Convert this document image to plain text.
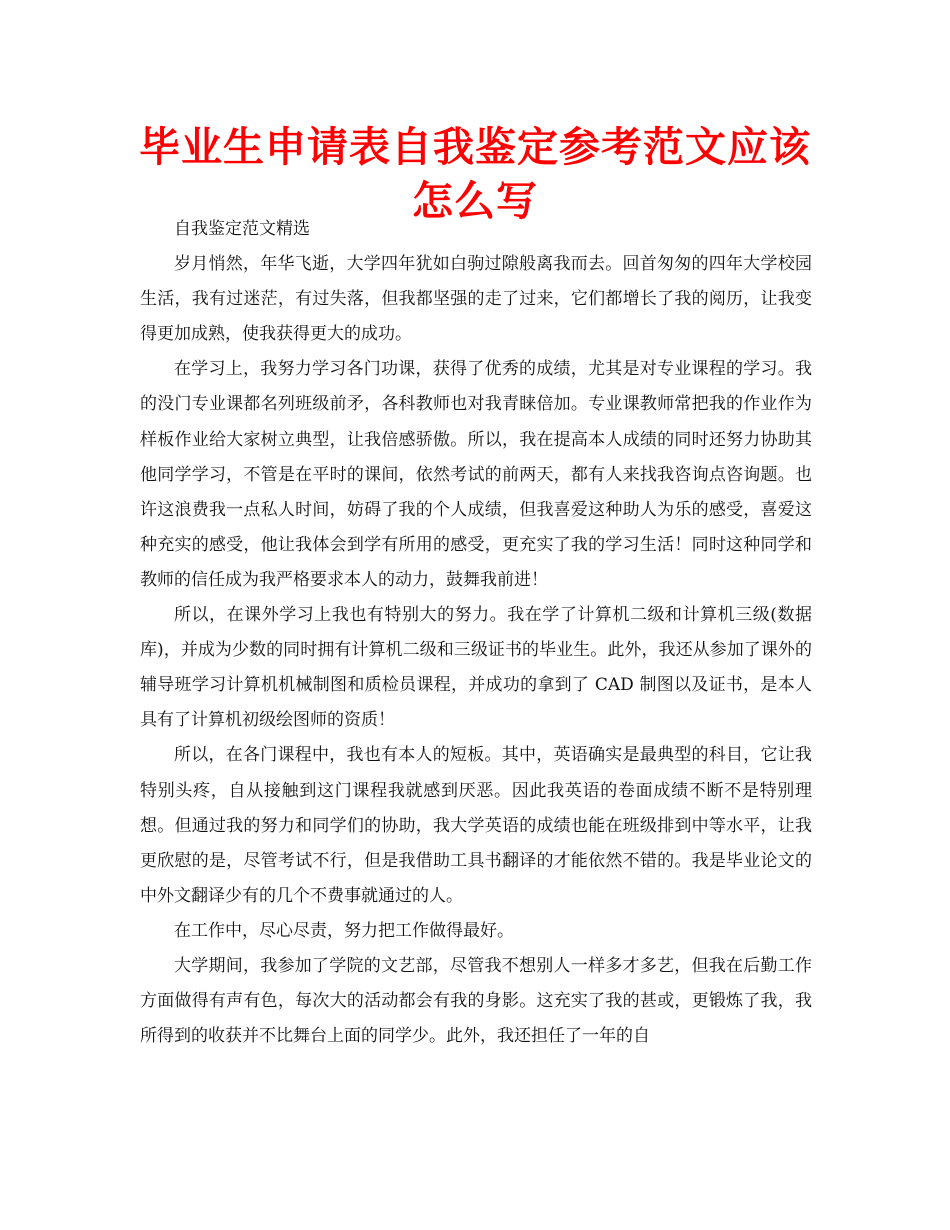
毕业生申请表自我鉴定参考范文应该怎么写

自我鉴定范文精选

岁月悄然，年华飞逝，大学四年犹如白驹过隙般离我而去。回首匆匆的四年大学校园生活，我有过迷茫，有过失落，但我都坚强的走了过来，它们都增长了我的阅历，让我变得更加成熟，使我获得更大的成功。

在学习上，我努力学习各门功课，获得了优秀的成绩，尤其是对专业课程的学习。我的没门专业课都名列班级前矛，各科教师也对我青睐倍加。专业课教师常把我的作业作为样板作业给大家树立典型，让我倍感骄傲。所以，我在提高本人成绩的同时还努力协助其他同学学习，不管是在平时的课间，依然考试的前两天，都有人来找我咨询点咨询题。也许这浪费我一点私人时间，妨碍了我的个人成绩，但我喜爱这种助人为乐的感受，喜爱这种充实的感受，他让我体会到学有所用的感受，更充实了我的学习生活！同时这种同学和教师的信任成为我严格要求本人的动力，鼓舞我前进！

所以，在课外学习上我也有特别大的努力。我在学了计算机二级和计算机三级(数据库)，并成为少数的同时拥有计算机二级和三级证书的毕业生。此外，我还从参加了课外的辅导班学习计算机机械制图和质检员课程，并成功的拿到了 CAD 制图以及证书，是本人具有了计算机初级绘图师的资质！

所以，在各门课程中，我也有本人的短板。其中，英语确实是最典型的科目，它让我特别头疼，自从接触到这门课程我就感到厌恶。因此我英语的卷面成绩不断不是特别理想。但通过我的努力和同学们的协助，我大学英语的成绩也能在班级排到中等水平，让我更欣慰的是，尽管考试不行，但是我借助工具书翻译的才能依然不错的。我是毕业论文的中外文翻译少有的几个不费事就通过的人。

在工作中，尽心尽责，努力把工作做得最好。

大学期间，我参加了学院的文艺部，尽管我不想别人一样多才多艺，但我在后勤工作方面做得有声有色，每次大的活动都会有我的身影。这充实了我的甚或，更锻炼了我，我所得到的收获并不比舞台上面的同学少。此外，我还担任了一年的自
